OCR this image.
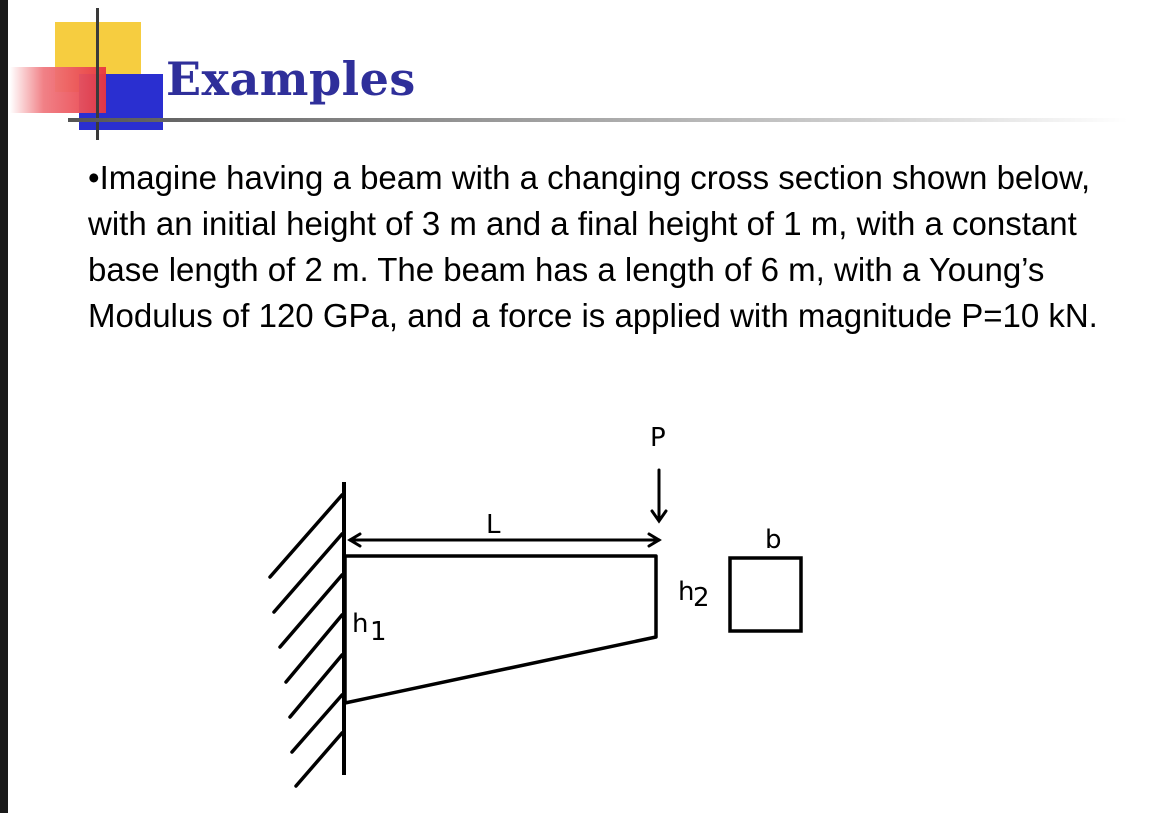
Examples
•Imagine having a beam with a changing cross section shown below, with an initial height of 3 m and a final height of 1 m, with a constant base length of 2 m. The beam has a length of 6 m, with a Young’s Modulus of 120 GPa, and a force is applied with magnitude P=10 kN.
L
P
h 1
h
2
b
